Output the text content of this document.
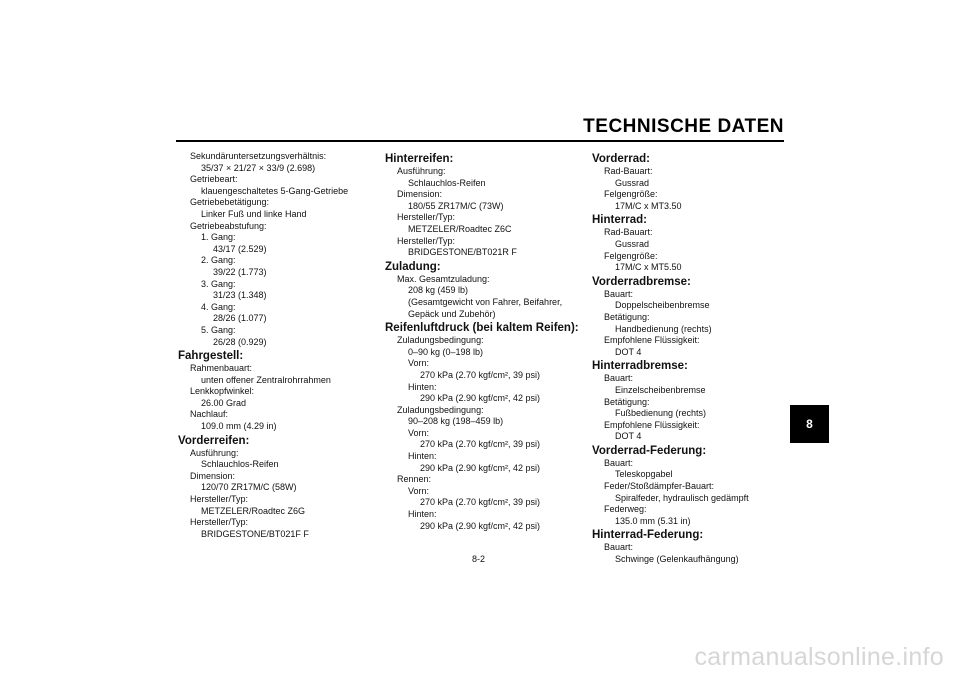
TECHNISCHE DATEN
Sekundäruntersetzungsverhältnis:
35/37 × 21/27 × 33/9 (2.698)
Getriebeart:
klauengeschaltetes 5-Gang-Getriebe
Getriebebetätigung:
Linker Fuß und linke Hand
Getriebeabstufung:
1. Gang:
43/17 (2.529)
2. Gang:
39/22 (1.773)
3. Gang:
31/23 (1.348)
4. Gang:
28/26 (1.077)
5. Gang:
26/28 (0.929)
Fahrgestell:
Rahmenbauart:
unten offener Zentralrohrrahmen
Lenkkopfwinkel:
26.00 Grad
Nachlauf:
109.0 mm (4.29 in)
Vorderreifen:
Ausführung:
Schlauchlos-Reifen
Dimension:
120/70 ZR17M/C (58W)
Hersteller/Typ:
METZELER/Roadtec Z6G
Hersteller/Typ:
BRIDGESTONE/BT021F F
Hinterreifen:
Ausführung:
Schlauchlos-Reifen
Dimension:
180/55 ZR17M/C (73W)
Hersteller/Typ:
METZELER/Roadtec Z6C
Hersteller/Typ:
BRIDGESTONE/BT021R F
Zuladung:
Max. Gesamtzuladung:
208 kg (459 lb)
(Gesamtgewicht von Fahrer, Beifahrer,
Gepäck und Zubehör)
Reifenluftdruck (bei kaltem Reifen):
Zuladungsbedingung:
0–90 kg (0–198 lb)
Vorn:
270 kPa (2.70 kgf/cm², 39 psi)
Hinten:
290 kPa (2.90 kgf/cm², 42 psi)
Zuladungsbedingung:
90–208 kg (198–459 lb)
Vorn:
270 kPa (2.70 kgf/cm², 39 psi)
Hinten:
290 kPa (2.90 kgf/cm², 42 psi)
Rennen:
Vorn:
270 kPa (2.70 kgf/cm², 39 psi)
Hinten:
290 kPa (2.90 kgf/cm², 42 psi)
Vorderrad:
Rad-Bauart:
Gussrad
Felgengröße:
17M/C x MT3.50
Hinterrad:
Rad-Bauart:
Gussrad
Felgengröße:
17M/C x MT5.50
Vorderradbremse:
Bauart:
Doppelscheibenbremse
Betätigung:
Handbedienung (rechts)
Empfohlene Flüssigkeit:
DOT 4
Hinterradbremse:
Bauart:
Einzelscheibenbremse
Betätigung:
Fußbedienung (rechts)
Empfohlene Flüssigkeit:
DOT 4
Vorderrad-Federung:
Bauart:
Teleskopgabel
Feder/Stoßdämpfer-Bauart:
Spiralfeder, hydraulisch gedämpft
Federweg:
135.0 mm (5.31 in)
Hinterrad-Federung:
Bauart:
Schwinge (Gelenkaufhängung)
8
8-2
carmanualsonline.info
